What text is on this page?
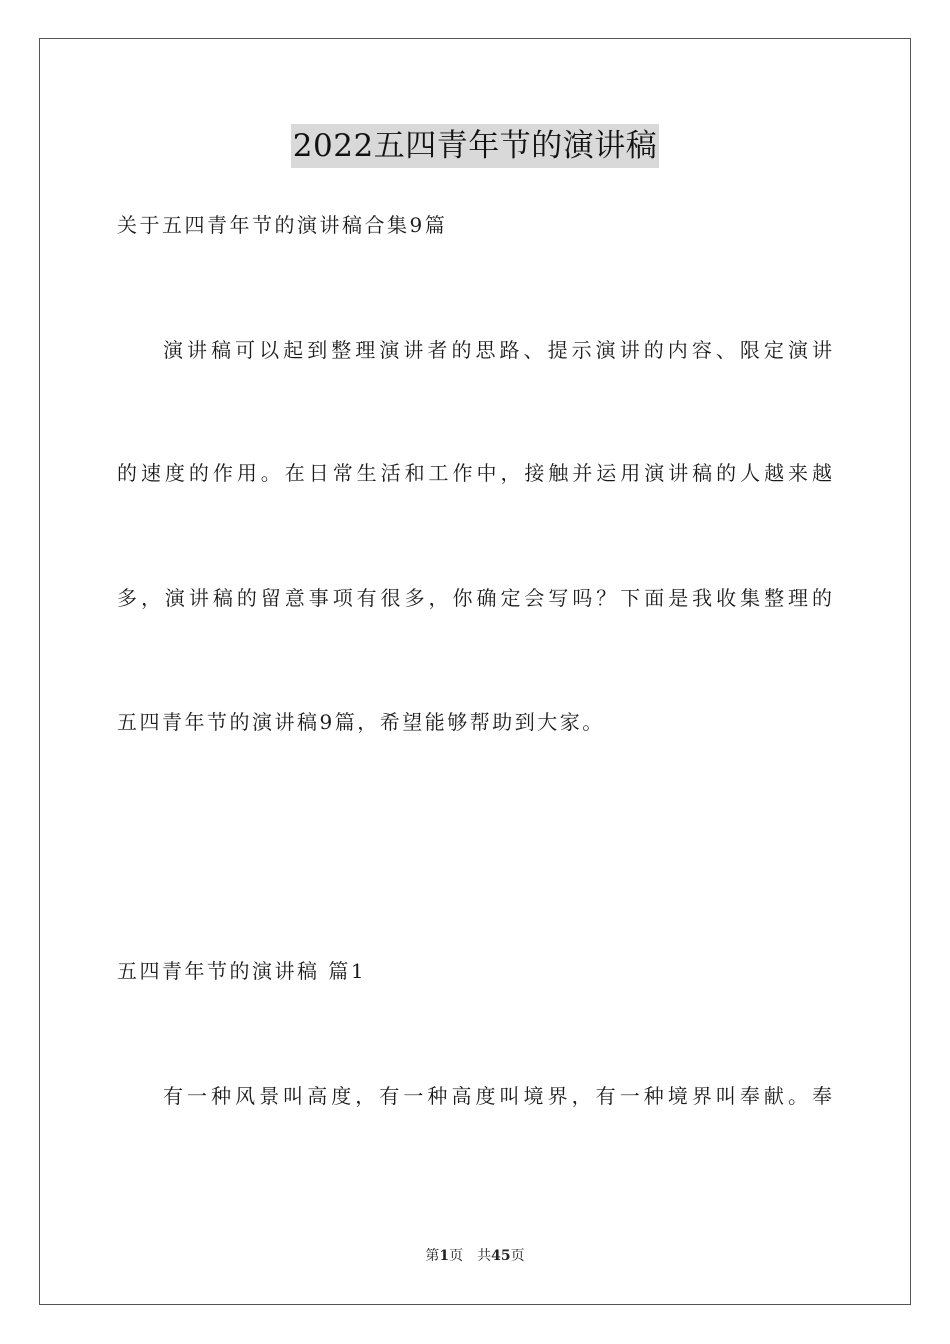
2022五四青年节的演讲稿
关于五四青年节的演讲稿合集9篇
演讲稿可以起到整理演讲者的思路、提示演讲的内容、限定演讲
的速度的作用。在日常生活和工作中，接触并运用演讲稿的人越来越
多，演讲稿的留意事项有很多，你确定会写吗？下面是我收集整理的
五四青年节的演讲稿9篇，希望能够帮助到大家。
五四青年节的演讲稿 篇1
有一种风景叫高度，有一种高度叫境界，有一种境界叫奉献。奉
第1页 共45页
